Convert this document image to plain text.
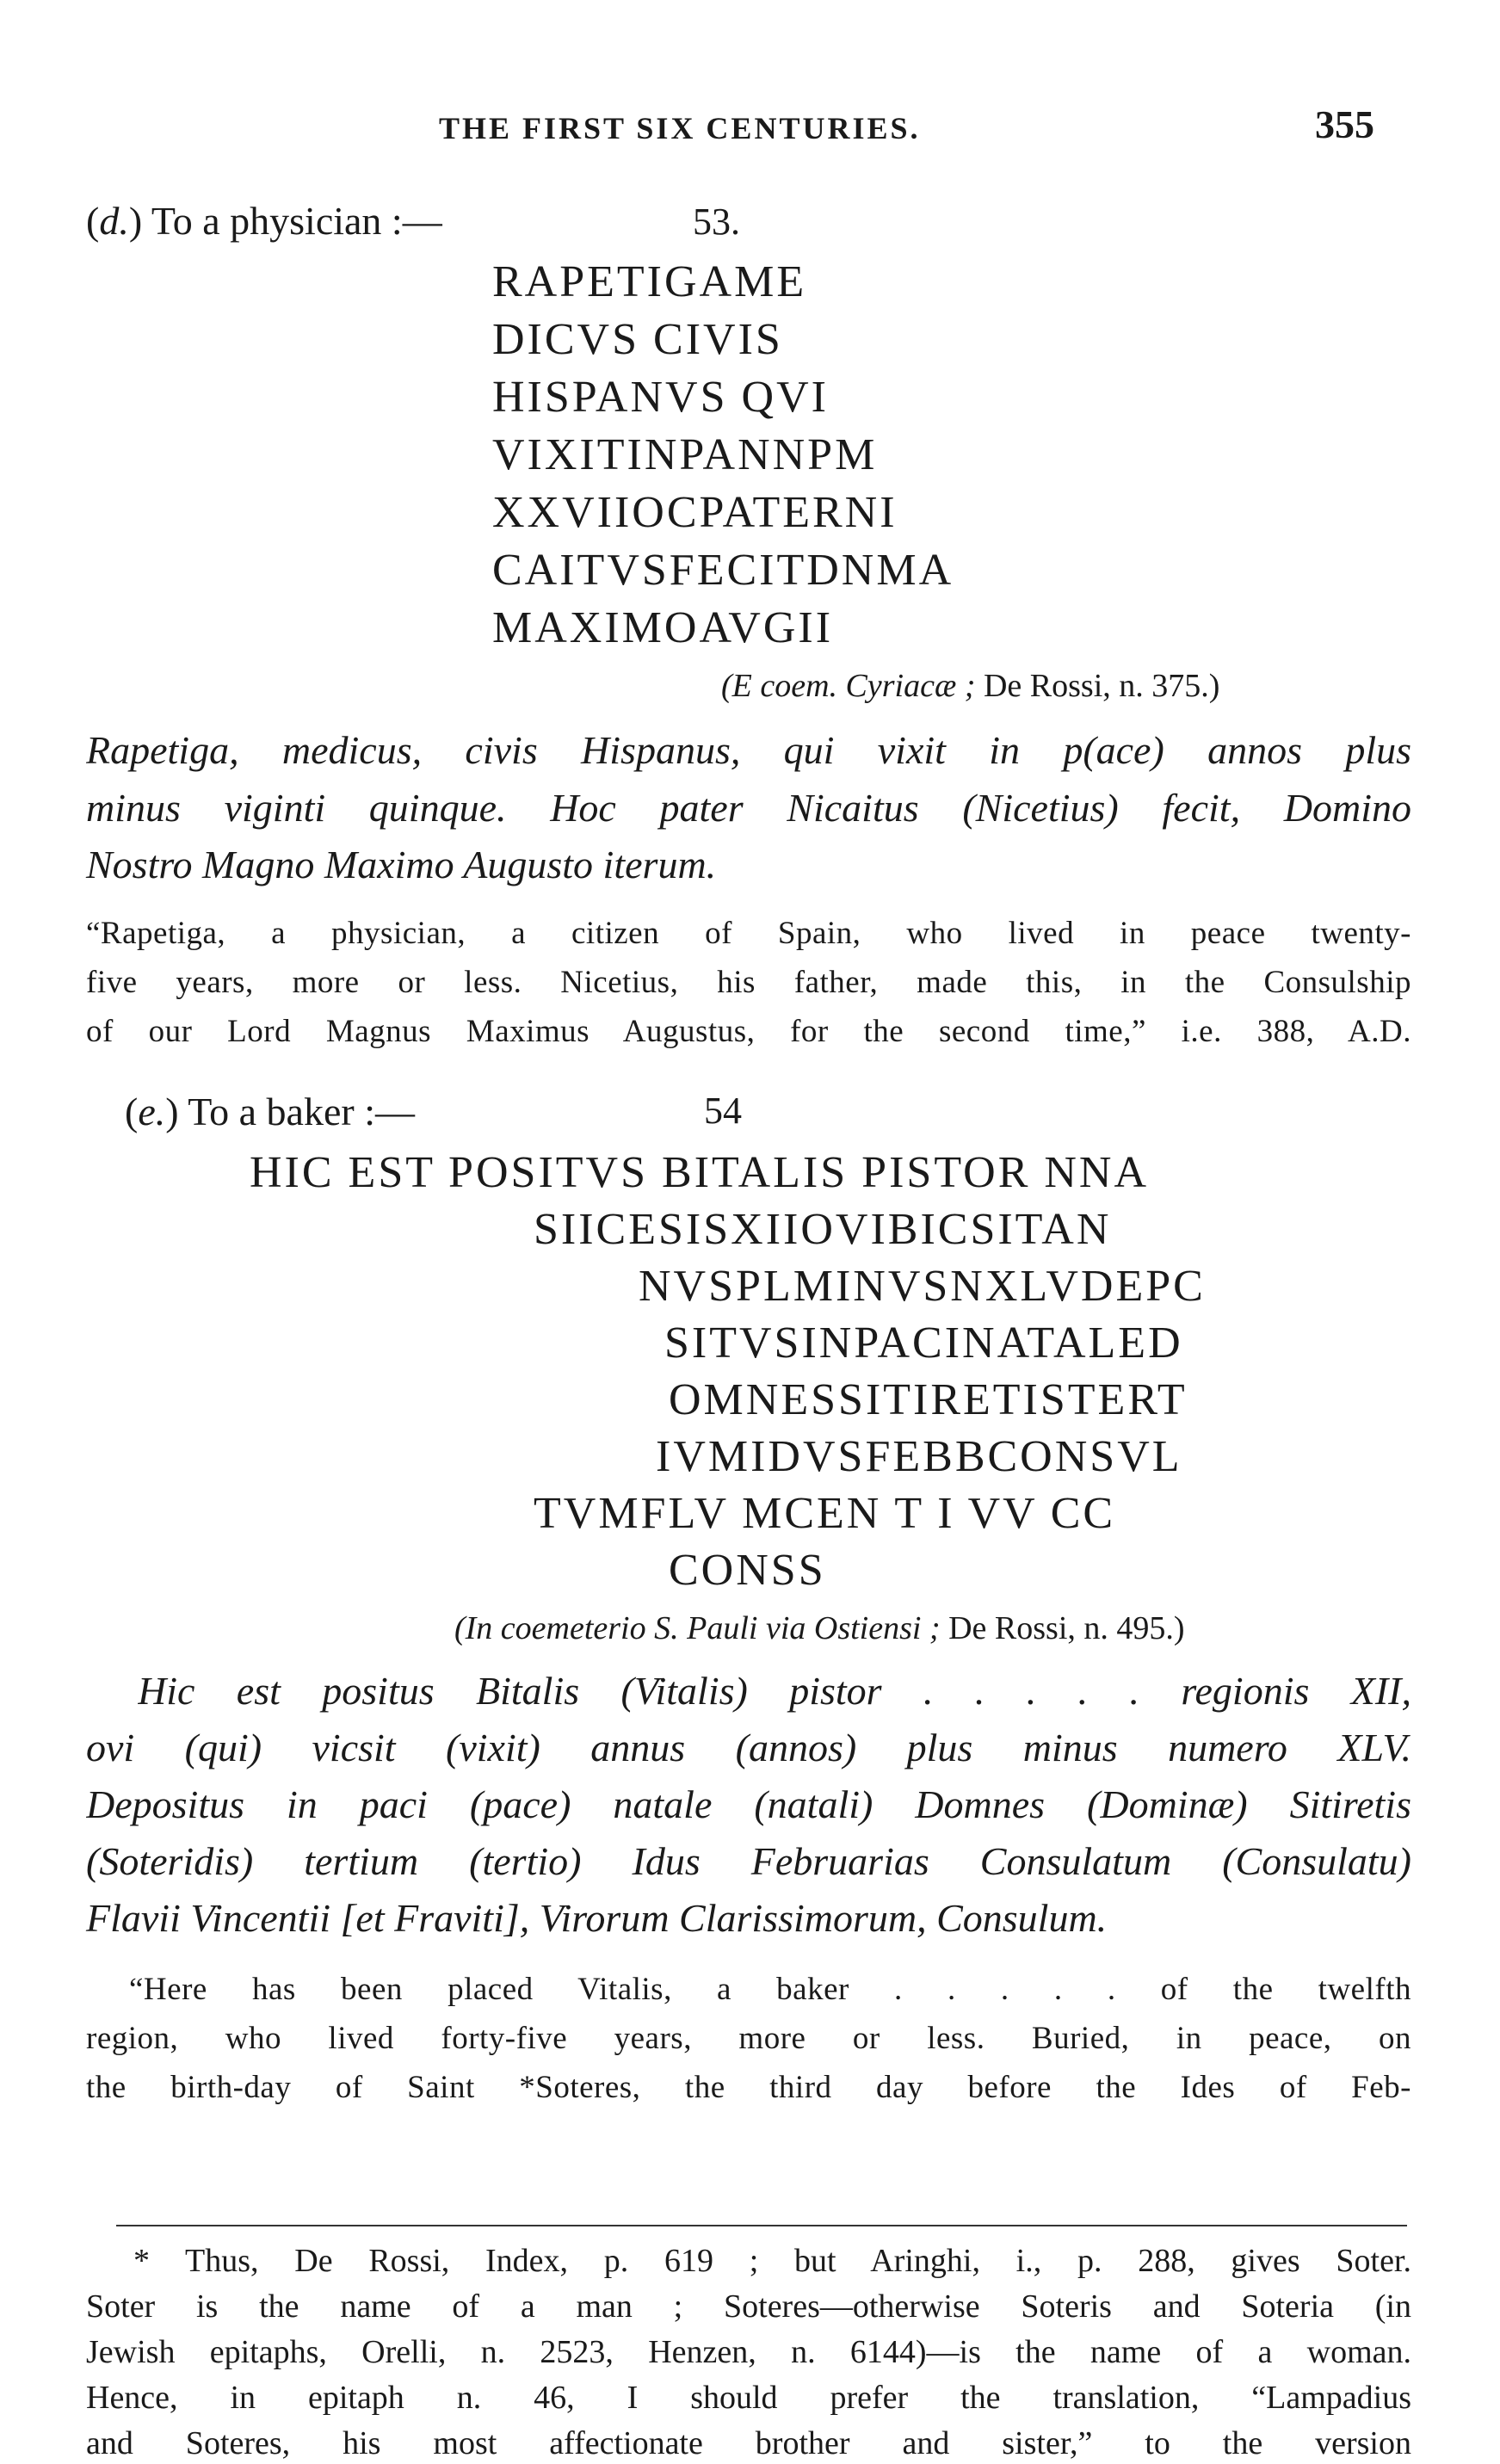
THE FIRST SIX CENTURIES.	355
(d.) To a physician :—	53.
RAPETIGAME
DICVS CIVIS
HISPANVS QVI
VIXITINPANNPM
XXVIIOCPATERNI
CAITVSFECITDNMA
MAXIMOAVGII
(E coem. Cyriacæ ; De Rossi, n. 375.)
Rapetiga, medicus, civis Hispanus, qui vixit in p(ace) annos plus
minus viginti quinque. Hoc pater Nicaitus (Nicetius) fecit, Domino
Nostro Magno Maximo Augusto iterum.
“Rapetiga, a physician, a citizen of Spain, who lived in peace twenty-
five years, more or less. Nicetius, his father, made this, in the Consulship
of our Lord Magnus Maximus Augustus, for the second time,” i.e. 388, A.D.
(e.) To a baker :—	54
HIC EST POSITVS BITALIS PISTOR NNA
SIICESISXIIOVIBICSITAN
NVSPLMINVSNXLVDEPC
SITVSINPACINATALED
OMNESSITIRETISTERT
IVMIDVSFEBBCONSVL
TVMFLV MCEN T I VV CC
CONSS
(In coemeterio S. Pauli via Ostiensi ; De Rossi, n. 495.)
Hic est positus Bitalis (Vitalis) pistor . . . . . regionis XII,
ovi (qui) vicsit (vixit) annus (annos) plus minus numero XLV.
Depositus in paci (pace) natale (natali) Domnes (Dominæ) Sitiretis
(Soteridis) tertium (tertio) Idus Februarias Consulatum (Consulatu)
Flavii Vincentii [et Fraviti], Virorum Clarissimorum, Consulum.
“Here has been placed Vitalis, a baker . . . . . of the twelfth
region, who lived forty-five years, more or less. Buried, in peace, on
the birth-day of Saint *Soteres, the third day before the Ides of Feb-
* Thus, De Rossi, Index, p. 619 ; but Aringhi, i., p. 288, gives Soter.
Soter is the name of a man ; Soteres—otherwise Soteris and Soteria (in
Jewish epitaphs, Orelli, n. 2523, Henzen, n. 6144)—is the name of a woman.
Hence, in epitaph n. 46, I should prefer the translation, “Lampadius
and Soteres, his most affectionate brother and sister,” to the version
